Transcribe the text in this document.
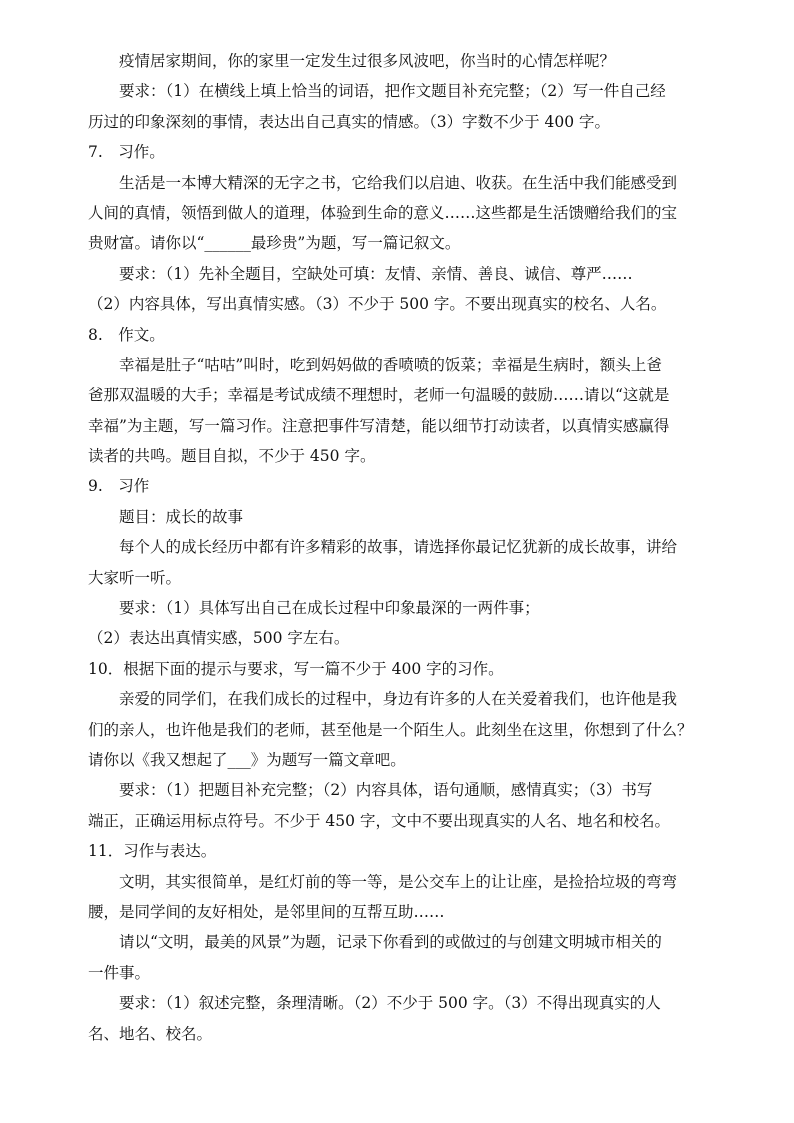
疫情居家期间，你的家里一定发生过很多风波吧，你当时的心情怎样呢？
要求：（1）在横线上填上恰当的词语，把作文题目补充完整；（2）写一件自己经
历过的印象深刻的事情，表达出自己真实的情感。（3）字数不少于 400 字。
7.　习作。
生活是一本博大精深的无字之书，它给我们以启迪、收获。在生活中我们能感受到
人间的真情，领悟到做人的道理，体验到生命的意义……这些都是生活馈赠给我们的宝
贵财富。请你以“______最珍贵”为题，写一篇记叙文。
要求：（1）先补全题目，空缺处可填：友情、亲情、善良、诚信、尊严……
（2）内容具体，写出真情实感。（3）不少于 500 字。不要出现真实的校名、人名。
8.　作文。
幸福是肚子“咕咕”叫时，吃到妈妈做的香喷喷的饭菜；幸福是生病时，额头上爸
爸那双温暖的大手；幸福是考试成绩不理想时，老师一句温暖的鼓励……请以“这就是
幸福”为主题，写一篇习作。注意把事件写清楚，能以细节打动读者，以真情实感赢得
读者的共鸣。题目自拟，不少于 450 字。
9.　习作
题目：成长的故事
每个人的成长经历中都有许多精彩的故事，请选择你最记忆犹新的成长故事，讲给
大家听一听。
要求：（1）具体写出自己在成长过程中印象最深的一两件事；
（2）表达出真情实感，500 字左右。
10．根据下面的提示与要求，写一篇不少于 400 字的习作。
亲爱的同学们，在我们成长的过程中，身边有许多的人在关爱着我们，也许他是我
们的亲人，也许他是我们的老师，甚至他是一个陌生人。此刻坐在这里，你想到了什么？
请你以《我又想起了___》为题写一篇文章吧。
要求：（1）把题目补充完整；（2）内容具体，语句通顺，感情真实；（3）书写
端正，正确运用标点符号。不少于 450 字，文中不要出现真实的人名、地名和校名。
11．习作与表达。
文明，其实很简单，是红灯前的等一等，是公交车上的让让座，是捡拾垃圾的弯弯
腰，是同学间的友好相处，是邻里间的互帮互助……
请以“文明，最美的风景”为题，记录下你看到的或做过的与创建文明城市相关的
一件事。
要求：（1）叙述完整，条理清晰。（2）不少于 500 字。（3）不得出现真实的人
名、地名、校名。
